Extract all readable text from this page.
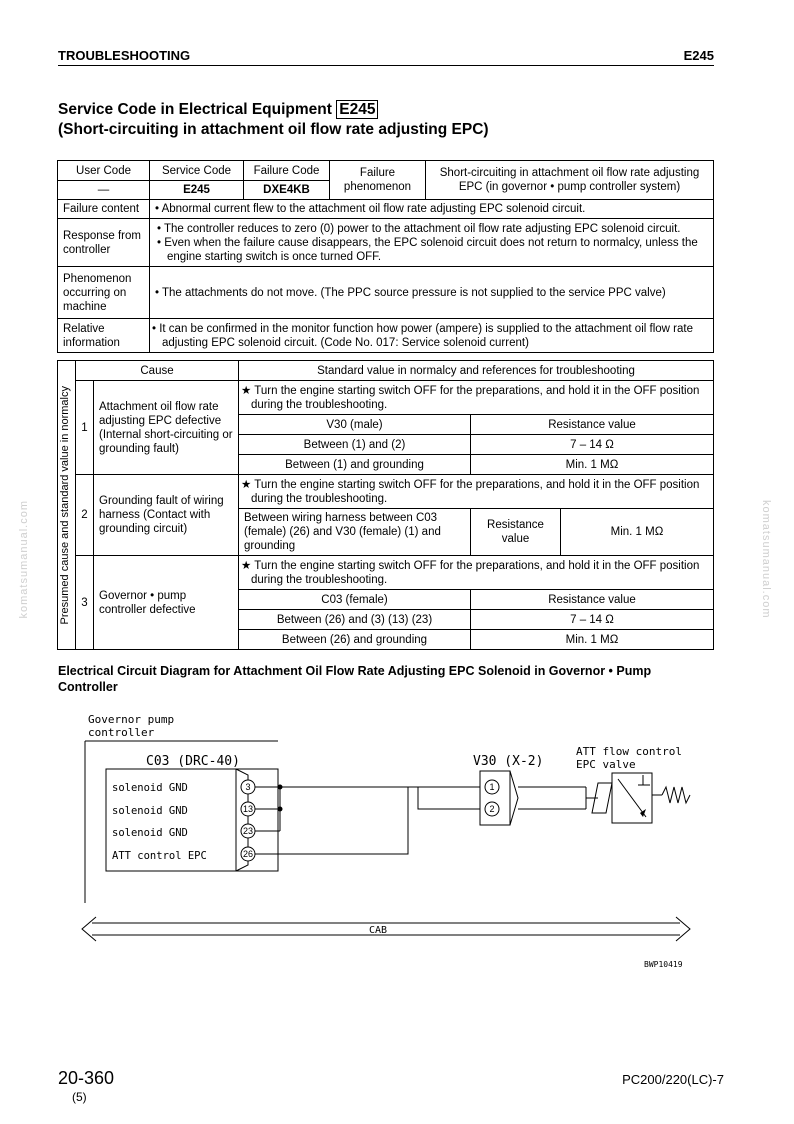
TROUBLESHOOTING	E245
Service Code in Electrical Equipment E245
(Short-circuiting in attachment oil flow rate adjusting EPC)
User Code	Service Code	Failure Code	Failure phenomenon	Short-circuiting in attachment oil flow rate adjusting EPC (in governor • pump controller system)
—	E245	DXE4KB		
Failure content	• Abnormal current flew to the attachment oil flow rate adjusting EPC solenoid circuit.			
Response from controller	• The controller reduces to zero (0) power to the attachment oil flow rate adjusting EPC solenoid circuit.
• Even when the failure cause disappears, the EPC solenoid circuit does not return to normalcy, unless the engine starting switch is once turned OFF.			

Phenomenon occurring on machine	• The attachments do not move. (The PPC source pressure is not supplied to the service PPC valve)			
Relative information	• It can be confirmed in the monitor function how power (ampere) is supplied to the attachment oil flow rate adjusting EPC solenoid circuit. (Code No. 017: Service solenoid current)			
Presumed cause and standard value in normalcy	Cause		Standard value in normalcy and references for troubleshooting		
	1	Attachment oil flow rate adjusting EPC defective (Internal short-circuiting or grounding fault)	★ Turn the engine starting switch OFF for the preparations, and hold it in the OFF position during the troubleshooting.		
			V30 (male)	Resistance value	
			Between (1) and (2)	7 – 14 Ω	
			Between (1) and grounding	Min. 1 MΩ	
	2	Grounding fault of wiring harness (Contact with grounding circuit)	★ Turn the engine starting switch OFF for the preparations, and hold it in the OFF position during the troubleshooting.		
			Between wiring harness between C03 (female) (26) and V30 (female) (1) and grounding	Resistance value	Min. 1 MΩ
	3	Governor • pump controller defective	★ Turn the engine starting switch OFF for the preparations, and hold it in the OFF position during the troubleshooting.		
			C03 (female)	Resistance value	
			Between (26) and (3) (13) (23)	7 – 14 Ω	
			Between (26) and grounding	Min. 1 MΩ	
Electrical Circuit Diagram for Attachment Oil Flow Rate Adjusting EPC Solenoid in Governor • Pump Controller
Governor pump
controller
C03 (DRC-40)	V30 (X-2)
ATT flow control
EPC valve
solenoid GND
solenoid GND
solenoid GND
ATT control EPC
3
13
23
26
1
2
CAB
BWP10419
20-360
(5)
PC200/220(LC)-7
komatsumanual.com	komatsumanual.com
